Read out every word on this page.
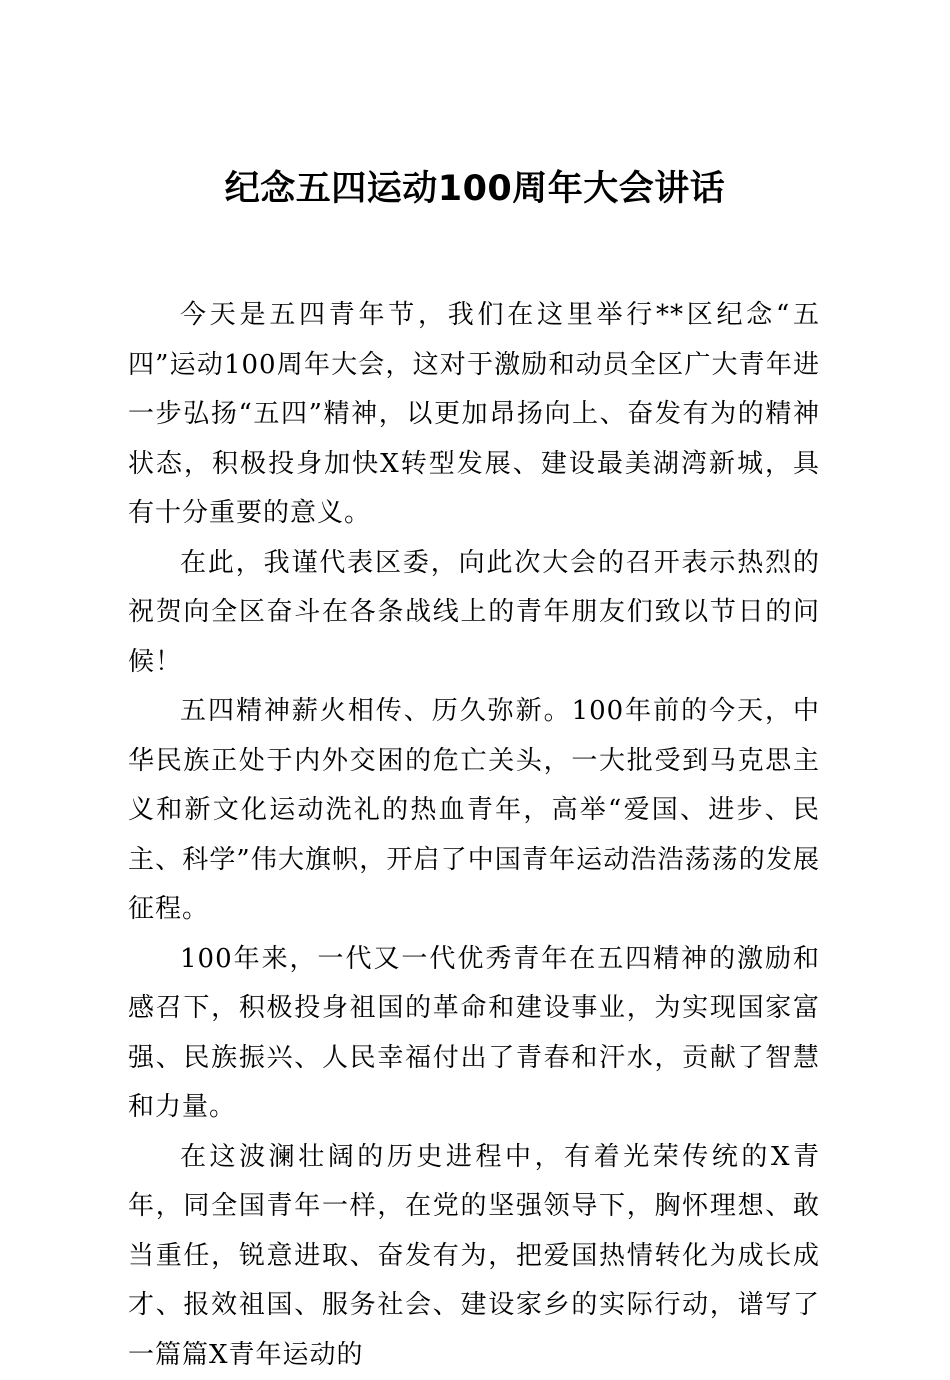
纪念五四运动100周年大会讲话

今天是五四青年节，我们在这里举行**区纪念“五四”运动100周年大会，这对于激励和动员全区广大青年进一步弘扬“五四”精神，以更加昂扬向上、奋发有为的精神状态，积极投身加快X转型发展、建设最美湖湾新城，具有十分重要的意义。

在此，我谨代表区委，向此次大会的召开表示热烈的祝贺向全区奋斗在各条战线上的青年朋友们致以节日的问候！

五四精神薪火相传、历久弥新。100年前的今天，中华民族正处于内外交困的危亡关头，一大批受到马克思主义和新文化运动洗礼的热血青年，高举“爱国、进步、民主、科学”伟大旗帜，开启了中国青年运动浩浩荡荡的发展征程。

100年来，一代又一代优秀青年在五四精神的激励和感召下，积极投身祖国的革命和建设事业，为实现国家富强、民族振兴、人民幸福付出了青春和汗水，贡献了智慧和力量。

在这波澜壮阔的历史进程中，有着光荣传统的X青年，同全国青年一样，在党的坚强领导下，胸怀理想、敢当重任，锐意进取、奋发有为，把爱国热情转化为成长成才、报效祖国、服务社会、建设家乡的实际行动，谱写了一篇篇X青年运动的
